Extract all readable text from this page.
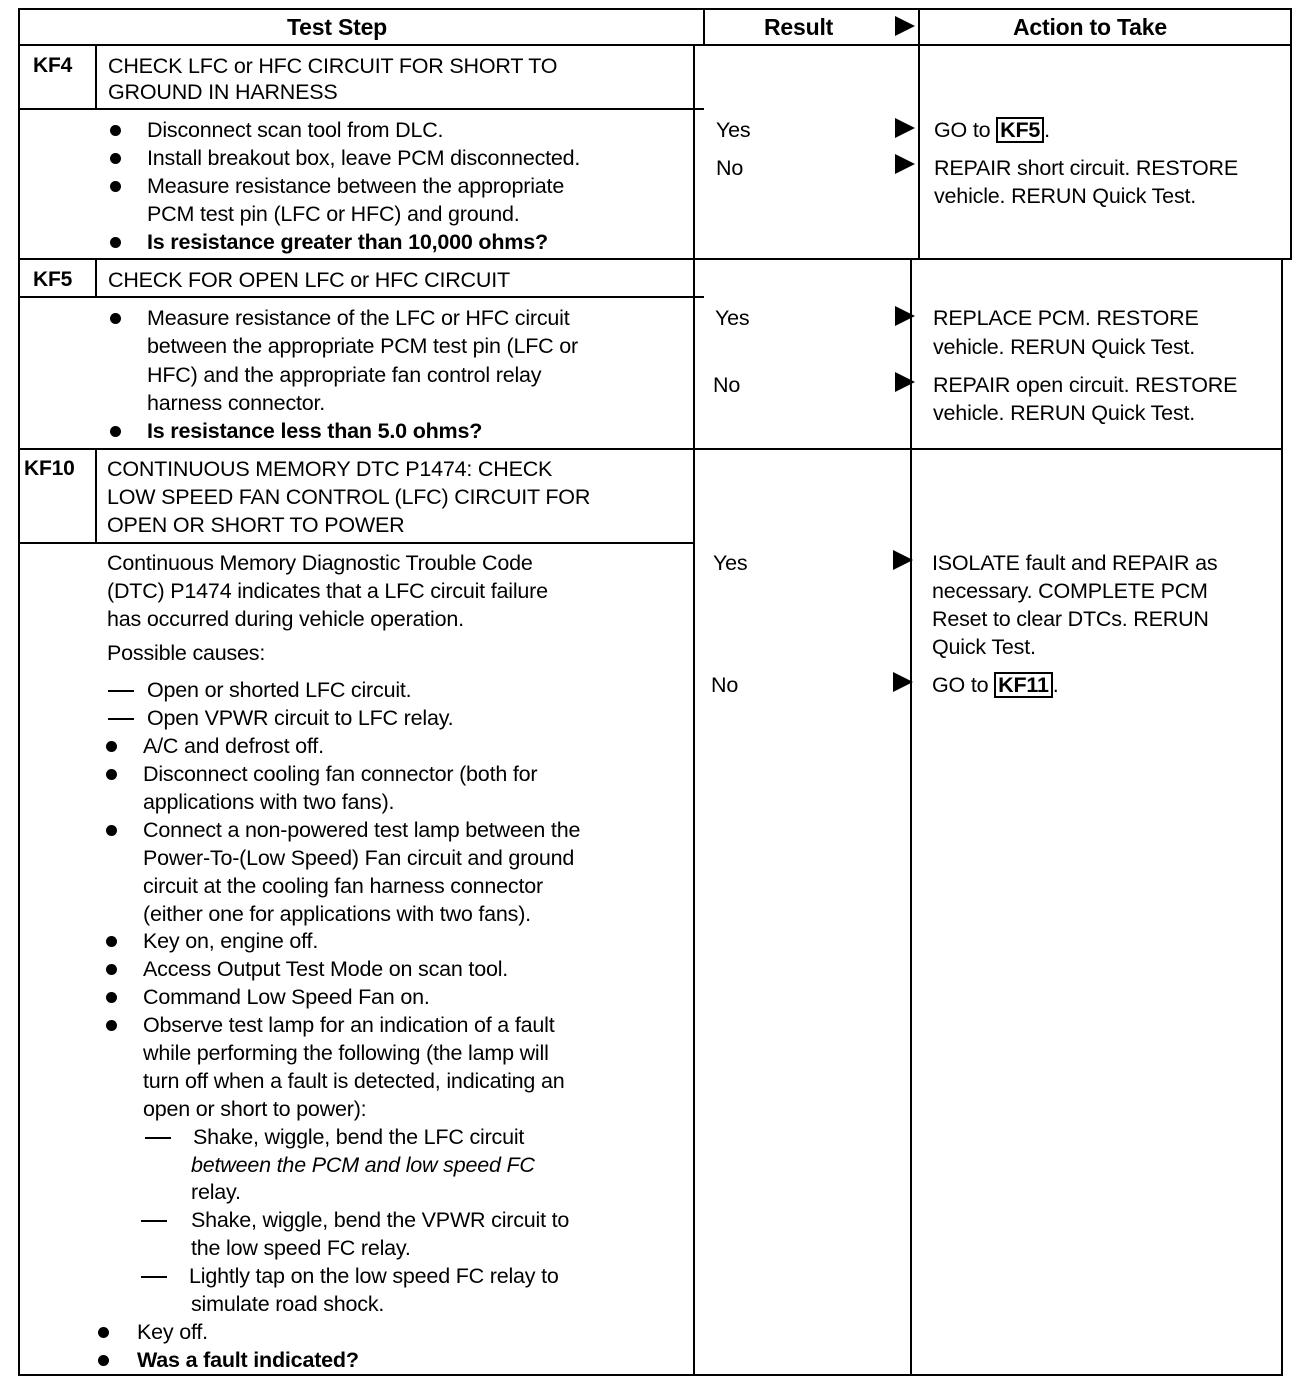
Test Step	Result	Action to Take
KF4 CHECK LFC or HFC CIRCUIT FOR SHORT TO
GROUND IN HARNESS
Disconnect scan tool from DLC.
Install breakout box, leave PCM disconnected.
Measure resistance between the appropriate
PCM test pin (LFC or HFC) and ground.
Is resistance greater than 10,000 ohms?
Yes	GO to KF5 .
No	REPAIR short circuit. RESTORE
vehicle. RERUN Quick Test.
KF5 CHECK FOR OPEN LFC or HFC CIRCUIT
Measure resistance of the LFC or HFC circuit
between the appropriate PCM test pin (LFC or
HFC) and the appropriate fan control relay
harness connector.
Is resistance less than 5.0 ohms?
Yes	REPLACE PCM. RESTORE
vehicle. RERUN Quick Test.
No	REPAIR open circuit. RESTORE
vehicle. RERUN Quick Test.
KF10 CONTINUOUS MEMORY DTC P1474: CHECK
LOW SPEED FAN CONTROL (LFC) CIRCUIT FOR
OPEN OR SHORT TO POWER
Continuous Memory Diagnostic Trouble Code
(DTC) P1474 indicates that a LFC circuit failure
has occurred during vehicle operation.
Possible causes:
Open or shorted LFC circuit.
Open VPWR circuit to LFC relay.
A/C and defrost off.
Disconnect cooling fan connector (both for
applications with two fans).
Connect a non-powered test lamp between the
Power-To-(Low Speed) Fan circuit and ground
circuit at the cooling fan harness connector
(either one for applications with two fans).
Key on, engine off.
Access Output Test Mode on scan tool.
Command Low Speed Fan on.
Observe test lamp for an indication of a fault
while performing the following (the lamp will
turn off when a fault is detected, indicating an
open or short to power):
Shake, wiggle, bend the LFC circuit
between the PCM and low speed FC
relay.
Shake, wiggle, bend the VPWR circuit to
the low speed FC relay.
Lightly tap on the low speed FC relay to
simulate road shock.
Key off.
Was a fault indicated?
Yes	ISOLATE fault and REPAIR as
necessary. COMPLETE PCM
Reset to clear DTCs. RERUN
Quick Test.
No	GO to KF11 .
